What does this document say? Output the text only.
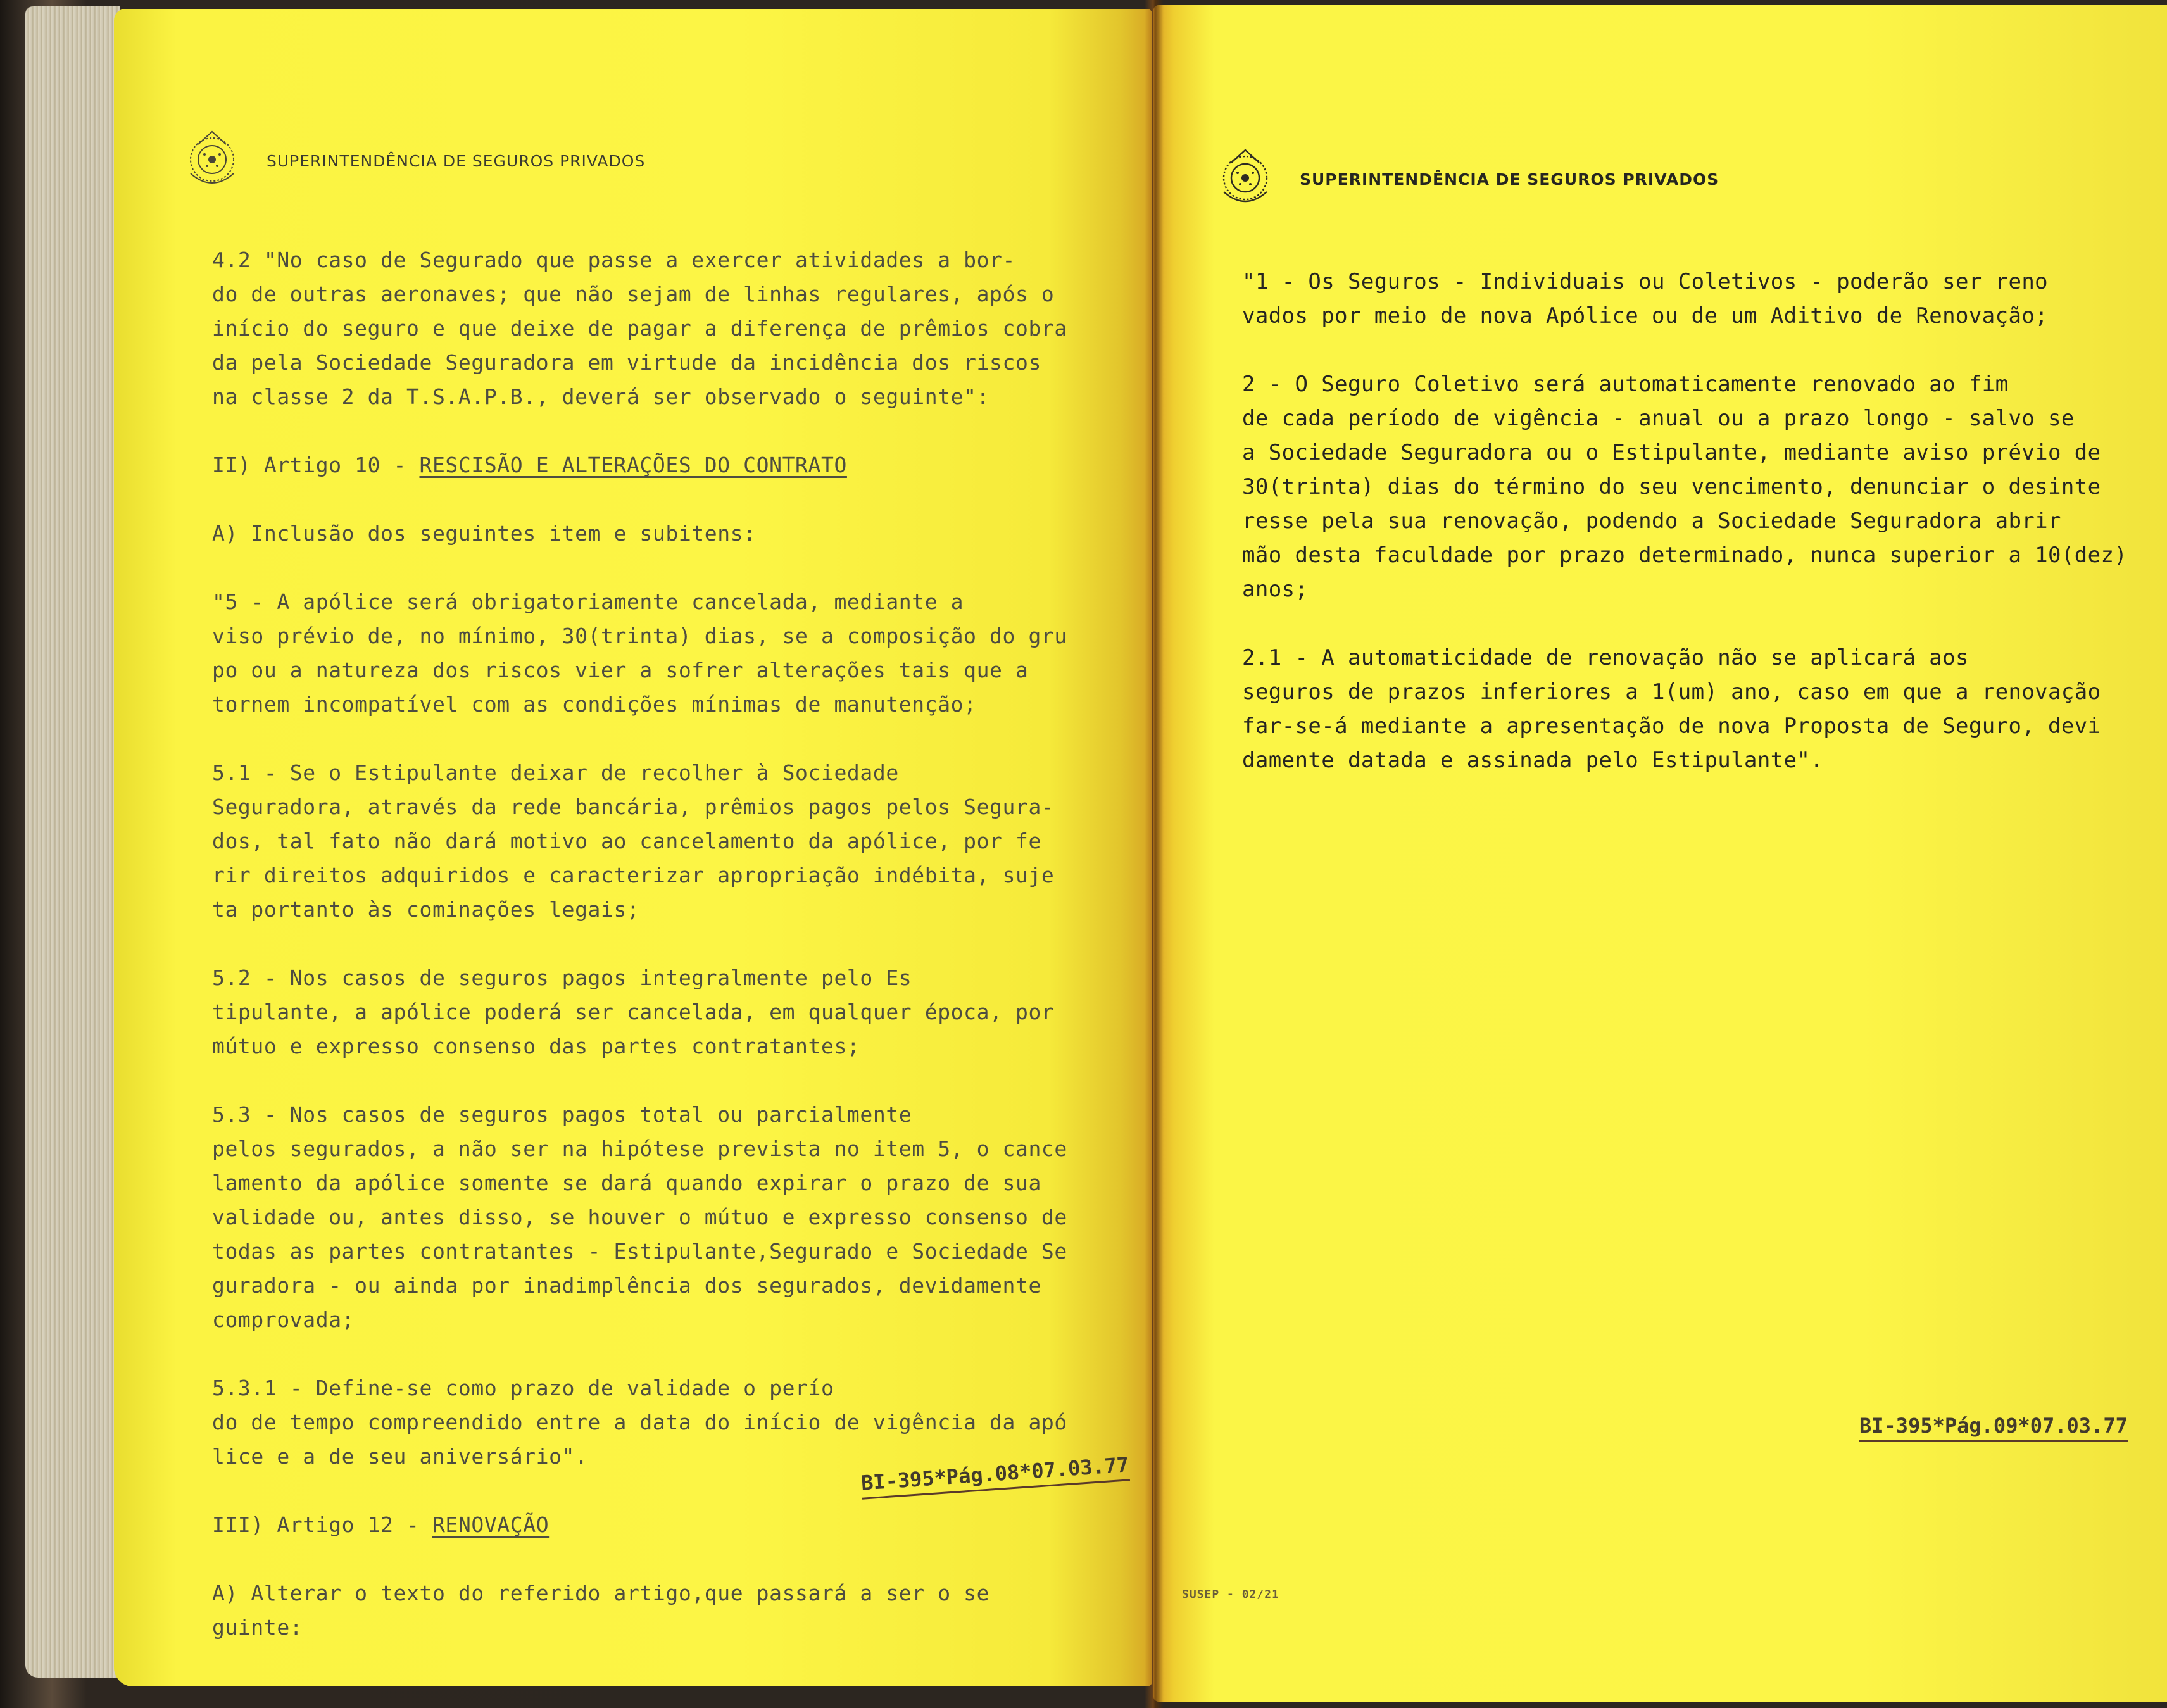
SUPERINTENDÊNCIA DE SEGUROS PRIVADOS
4.2 "No caso de Segurado que passe a exercer atividades a bor-
do de outras aeronaves; que não sejam de linhas regulares, após o
início do seguro e que deixe de pagar a diferença de prêmios cobra
da pela Sociedade Seguradora em virtude da incidência dos riscos
na classe 2 da T.S.A.P.B., deverá ser observado o seguinte":
II) Artigo 10 - RESCISÃO E ALTERAÇÕES DO CONTRATO
A) Inclusão dos seguintes item e subitens:
"5 - A apólice será obrigatoriamente cancelada, mediante a
viso prévio de, no mínimo, 30(trinta) dias, se a composição do gru
po ou a natureza dos riscos vier a sofrer alterações tais que a
tornem incompatível com as condições mínimas de manutenção;
5.1 - Se o Estipulante deixar de recolher à Sociedade
Seguradora, através da rede bancária, prêmios pagos pelos Segura-
dos, tal fato não dará motivo ao cancelamento da apólice, por fe
rir direitos adquiridos e caracterizar apropriação indébita, suje
ta portanto às cominações legais;
5.2 - Nos casos de seguros pagos integralmente pelo Es
tipulante, a apólice poderá ser cancelada, em qualquer época, por
mútuo e expresso consenso das partes contratantes;
5.3 - Nos casos de seguros pagos total ou parcialmente
pelos segurados, a não ser na hipótese prevista no item 5, o cance
lamento da apólice somente se dará quando expirar o prazo de sua
validade ou, antes disso, se houver o mútuo e expresso consenso de
todas as partes contratantes - Estipulante,Segurado e Sociedade Se
guradora - ou ainda por inadimplência dos segurados, devidamente
comprovada;
5.3.1 - Define-se como prazo de validade o perío
do de tempo compreendido entre a data do início de vigência da apó
lice e a de seu aniversário".
III) Artigo 12 - RENOVAÇÃO
A) Alterar o texto do referido artigo,que passará a ser o se
guinte:
BI-395*Pág.08*07.03.77
SUPERINTENDÊNCIA DE SEGUROS PRIVADOS
"1 - Os Seguros - Individuais ou Coletivos - poderão ser reno
vados por meio de nova Apólice ou de um Aditivo de Renovação;
2 - O Seguro Coletivo será automaticamente renovado ao fim
de cada período de vigência - anual ou a prazo longo - salvo se
a Sociedade Seguradora ou o Estipulante, mediante aviso prévio de
30(trinta) dias do término do seu vencimento, denunciar o desinte
resse pela sua renovação, podendo a Sociedade Seguradora abrir
mão desta faculdade por prazo determinado, nunca superior a 10(dez)
anos;
2.1 - A automaticidade de renovação não se aplicará aos
seguros de prazos inferiores a 1(um) ano, caso em que a renovação
far-se-á mediante a apresentação de nova Proposta de Seguro, devi
damente datada e assinada pelo Estipulante".
BI-395*Pág.09*07.03.77
SUSEP - 02/21
